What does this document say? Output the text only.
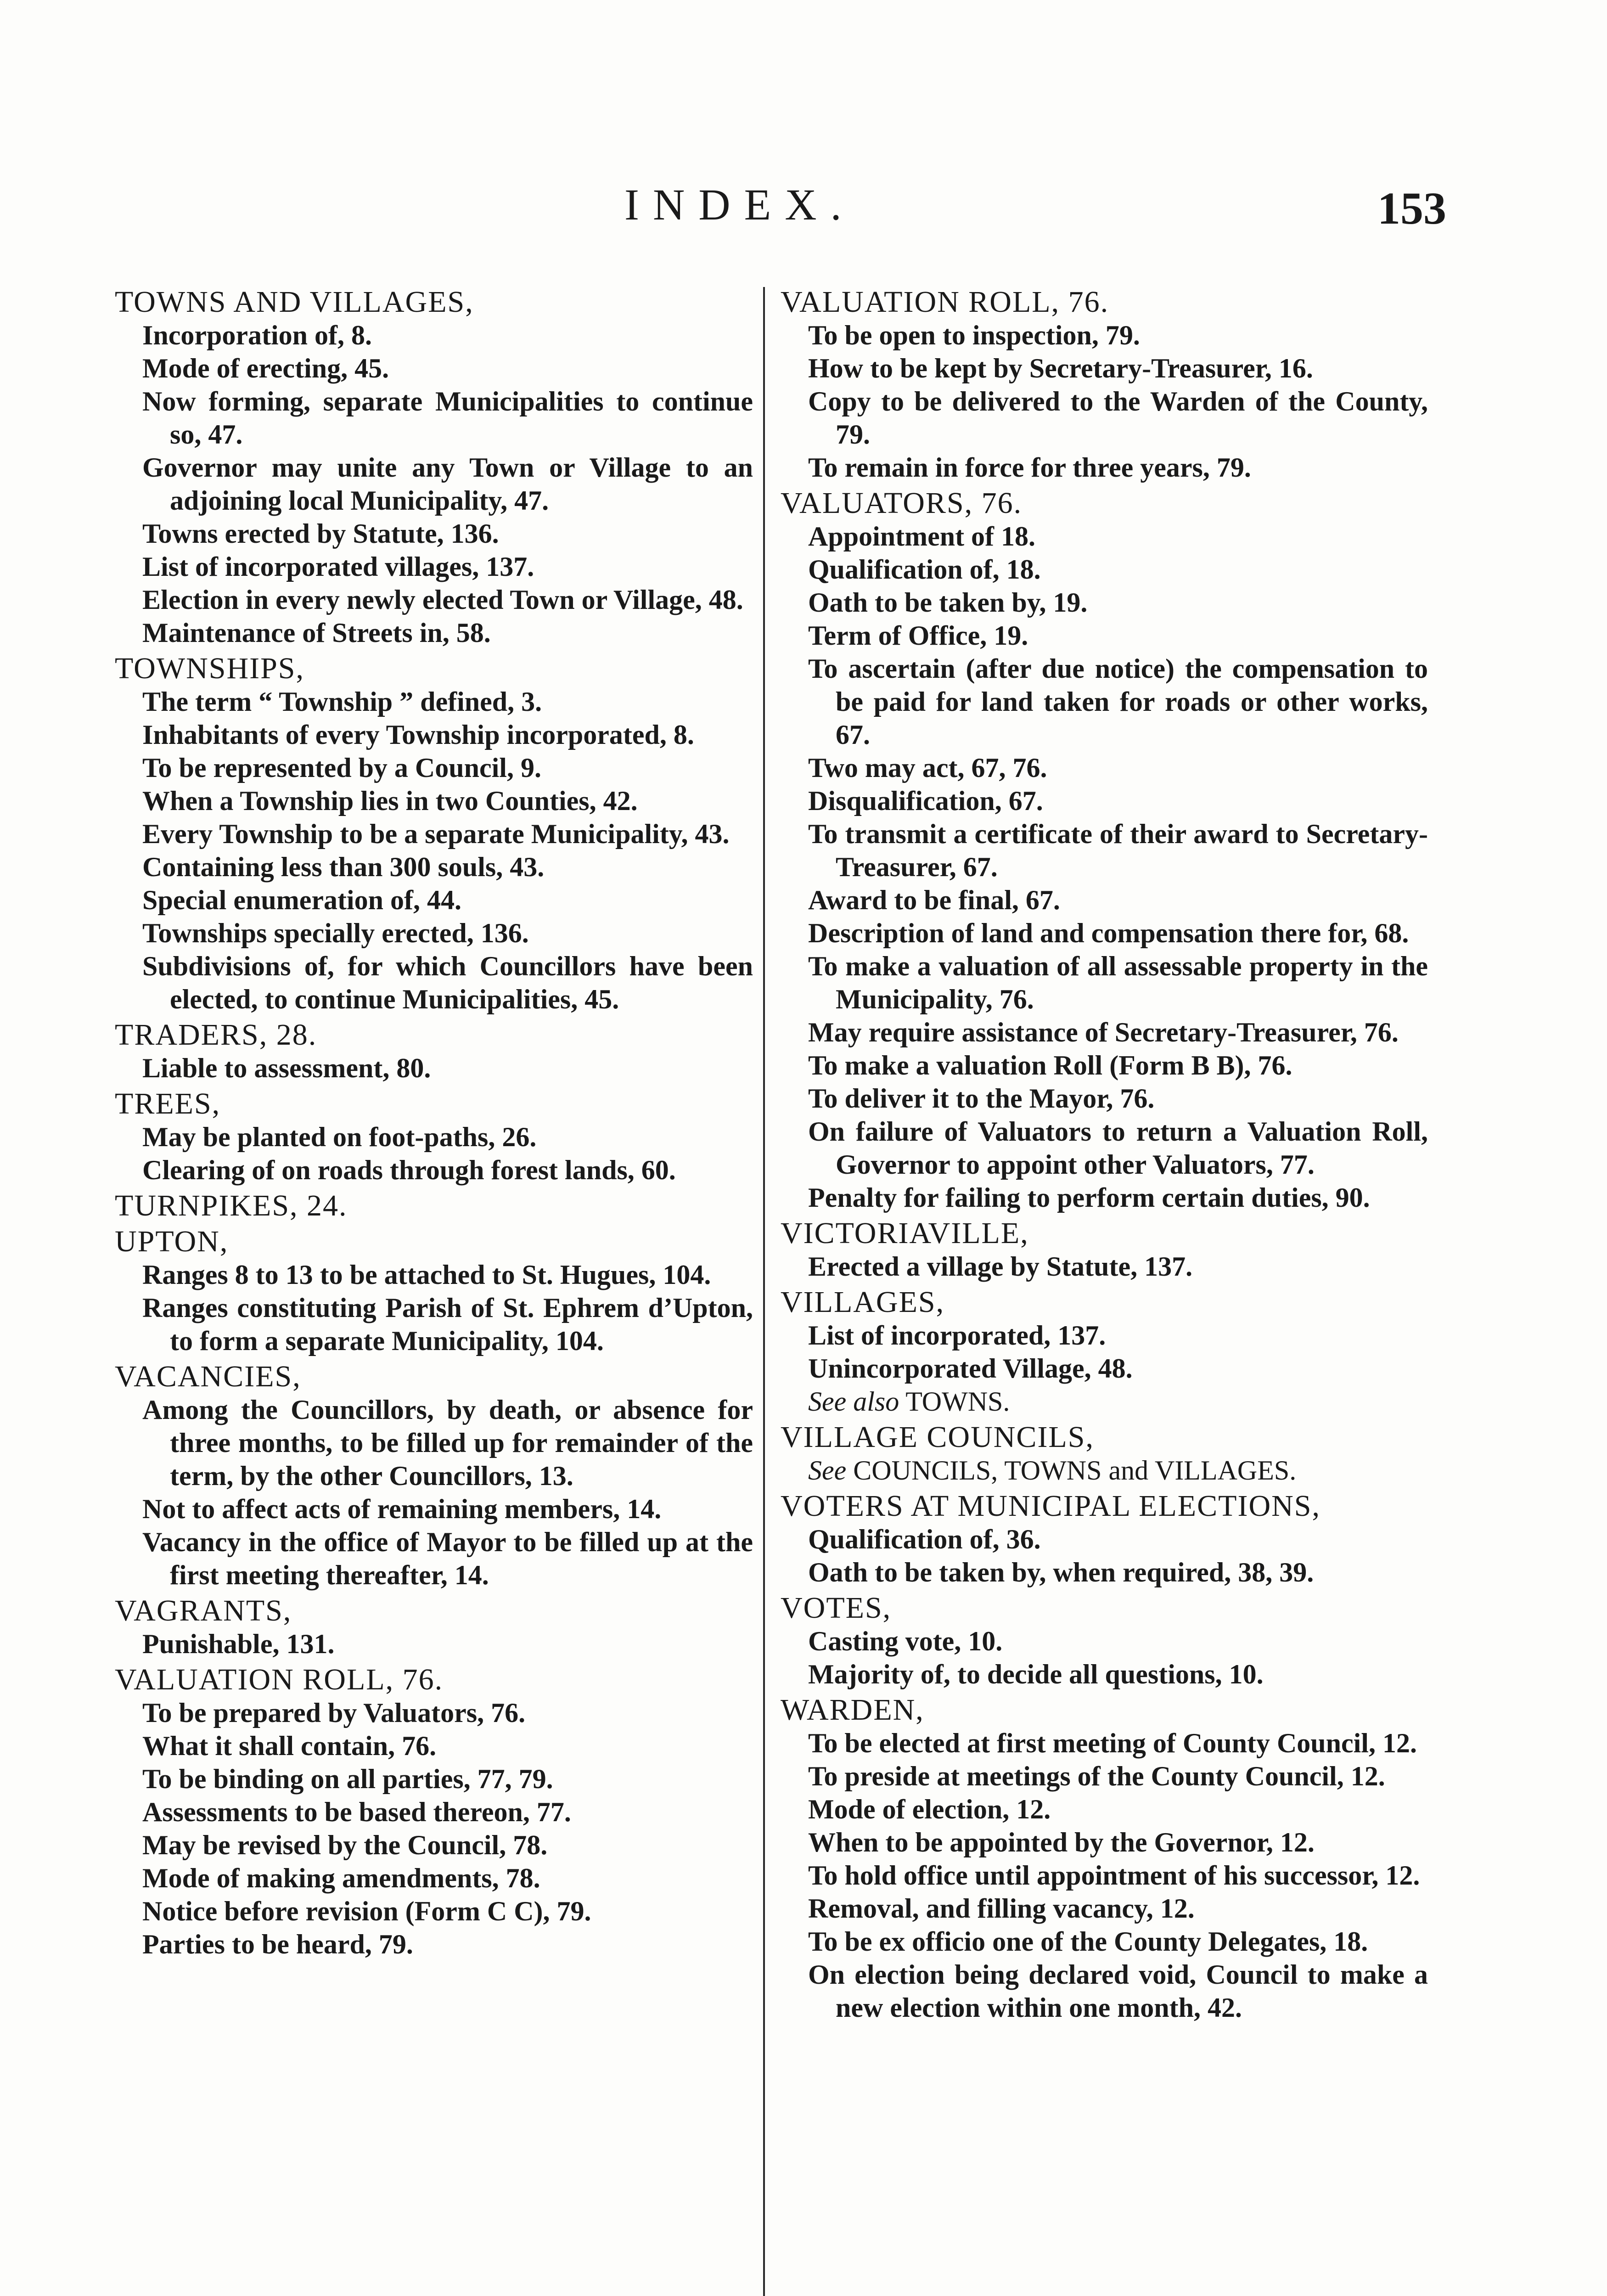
INDEX.	153
TOWNS AND VILLAGES,
Incorporation of, 8.
Mode of erecting, 45.
Now forming, separate Municipalities to continue so, 47.
Governor may unite any Town or Village to an adjoining local Municipality, 47.
Towns erected by Statute, 136.
List of incorporated villages, 137.
Election in every newly elected Town or Village, 48.
Maintenance of Streets in, 58.
TOWNSHIPS,
The term “ Township ” defined, 3.
Inhabitants of every Township incorporated, 8.
To be represented by a Council, 9.
When a Township lies in two Counties, 42.
Every Township to be a separate Municipality, 43.
Containing less than 300 souls, 43.
Special enumeration of, 44.
Townships specially erected, 136.
Subdivisions of, for which Councillors have been elected, to continue Municipalities, 45.
TRADERS, 28.
Liable to assessment, 80.
TREES,
May be planted on foot-paths, 26.
Clearing of on roads through forest lands, 60.
TURNPIKES, 24.
UPTON,
Ranges 8 to 13 to be attached to St. Hugues, 104.
Ranges constituting Parish of St. Ephrem d’Upton, to form a separate Municipality, 104.
VACANCIES,
Among the Councillors, by death, or absence for three months, to be filled up for remainder of the term, by the other Councillors, 13.
Not to affect acts of remaining members, 14.
Vacancy in the office of Mayor to be filled up at the first meeting thereafter, 14.
VAGRANTS,
Punishable, 131.
VALUATION ROLL, 76.
To be prepared by Valuators, 76.
What it shall contain, 76.
To be binding on all parties, 77, 79.
Assessments to be based thereon, 77.
May be revised by the Council, 78.
Mode of making amendments, 78.
Notice before revision (Form C C), 79.
Parties to be heard, 79.
VALUATION ROLL, 76.
To be open to inspection, 79.
How to be kept by Secretary-Treasurer, 16.
Copy to be delivered to the Warden of the County, 79.
To remain in force for three years, 79.
VALUATORS, 76.
Appointment of 18.
Qualification of, 18.
Oath to be taken by, 19.
Term of Office, 19.
To ascertain (after due notice) the compensation to be paid for land taken for roads or other works, 67.
Two may act, 67, 76.
Disqualification, 67.
To transmit a certificate of their award to Secretary-Treasurer, 67.
Award to be final, 67.
Description of land and compensation there for, 68.
To make a valuation of all assessable property in the Municipality, 76.
May require assistance of Secretary-Treasurer, 76.
To make a valuation Roll (Form B B), 76.
To deliver it to the Mayor, 76.
On failure of Valuators to return a Valuation Roll, Governor to appoint other Valuators, 77.
Penalty for failing to perform certain duties, 90.
VICTORIAVILLE,
Erected a village by Statute, 137.
VILLAGES,
List of incorporated, 137.
Unincorporated Village, 48.
See also TOWNS.
VILLAGE COUNCILS,
See COUNCILS, TOWNS and VILLAGES.
VOTERS AT MUNICIPAL ELECTIONS,
Qualification of, 36.
Oath to be taken by, when required, 38, 39.
VOTES,
Casting vote, 10.
Majority of, to decide all questions, 10.
WARDEN,
To be elected at first meeting of County Council, 12.
To preside at meetings of the County Council, 12.
Mode of election, 12.
When to be appointed by the Governor, 12.
To hold office until appointment of his successor, 12.
Removal, and filling vacancy, 12.
To be ex officio one of the County Delegates, 18.
On election being declared void, Council to make a new election within one month, 42.
